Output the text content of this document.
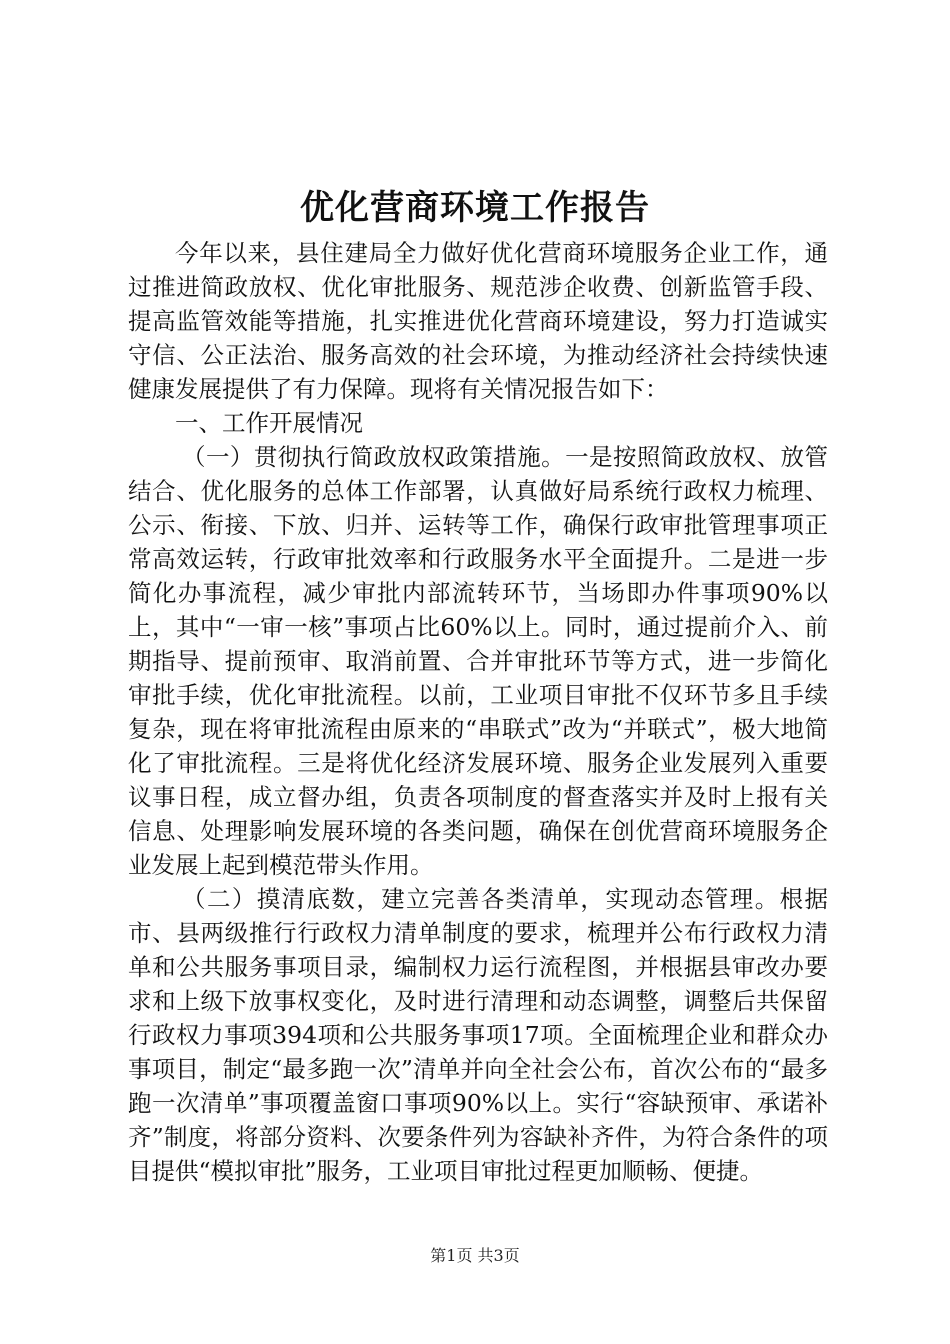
优化营商环境工作报告

今年以来，县住建局全力做好优化营商环境服务企业工作，通过推进简政放权、优化审批服务、规范涉企收费、创新监管手段、提高监管效能等措施，扎实推进优化营商环境建设，努力打造诚实守信、公正法治、服务高效的社会环境，为推动经济社会持续快速健康发展提供了有力保障。现将有关情况报告如下：

一、工作开展情况

（一）贯彻执行简政放权政策措施。一是按照简政放权、放管结合、优化服务的总体工作部署，认真做好局系统行政权力梳理、公示、衔接、下放、归并、运转等工作，确保行政审批管理事项正常高效运转，行政审批效率和行政服务水平全面提升。二是进一步简化办事流程，减少审批内部流转环节，当场即办件事项90%以上，其中“一审一核”事项占比60%以上。同时，通过提前介入、前期指导、提前预审、取消前置、合并审批环节等方式，进一步简化审批手续，优化审批流程。以前，工业项目审批不仅环节多且手续复杂，现在将审批流程由原来的“串联式”改为“并联式”，极大地简化了审批流程。三是将优化经济发展环境、服务企业发展列入重要议事日程，成立督办组，负责各项制度的督查落实并及时上报有关信息、处理影响发展环境的各类问题，确保在创优营商环境服务企业发展上起到模范带头作用。

（二）摸清底数，建立完善各类清单，实现动态管理。根据市、县两级推行行政权力清单制度的要求，梳理并公布行政权力清单和公共服务事项目录，编制权力运行流程图，并根据县审改办要求和上级下放事权变化，及时进行清理和动态调整，调整后共保留行政权力事项394项和公共服务事项17项。全面梳理企业和群众办事项目，制定“最多跑一次”清单并向全社会公布，首次公布的“最多跑一次清单”事项覆盖窗口事项90%以上。实行“容缺预审、承诺补齐”制度，将部分资料、次要条件列为容缺补齐件，为符合条件的项目提供“模拟审批”服务，工业项目审批过程更加顺畅、便捷。

第1页 共3页
